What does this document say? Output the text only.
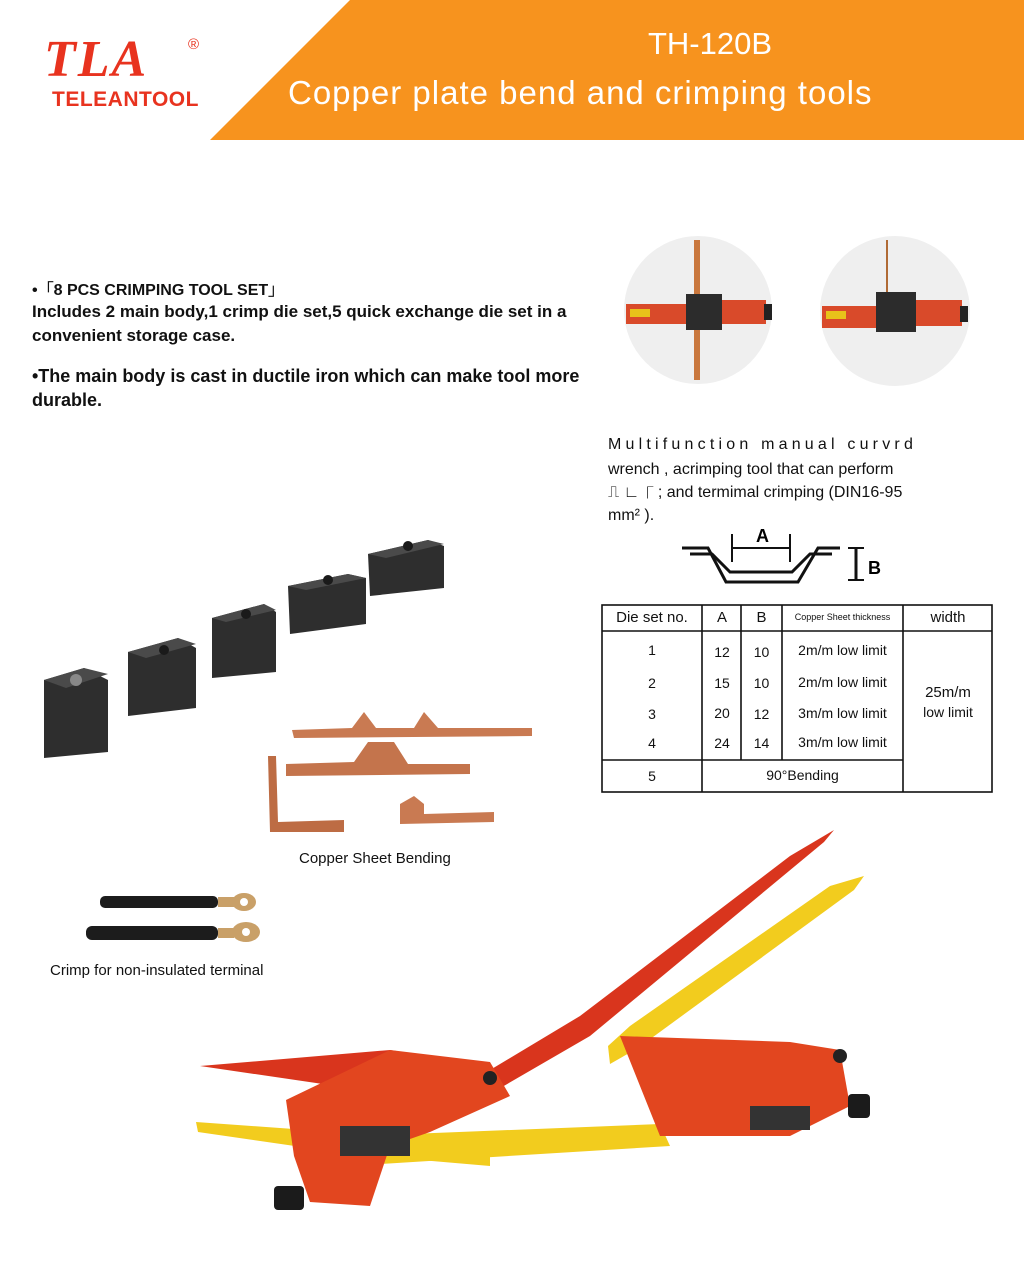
TLA	®
TELEANTOOL
TH-120B
Copper plate bend and crimping tools
•「8 PCS CRIMPING TOOL SET」
Includes 2 main body,1 crimp die set,5 quick exchange die set in a convenient storage case.
•The main body is cast in ductile iron which can make tool more durable.
Multifunction manual curvrd
wrench , acrimping tool that can perform
⎍ ∟ ⎾ ; and termimal crimping (DIN16-95
mm² ).
A
B
Die set no.	A	B	Copper Sheet thickness	width
1	12	10	2m/m low limit
2	15	10	2m/m low limit
3	20	12	3m/m low limit
4	24	14	3m/m low limit
25m/m
low limit
5	90°Bending
Copper Sheet Bending
Crimp for non-insulated terminal
